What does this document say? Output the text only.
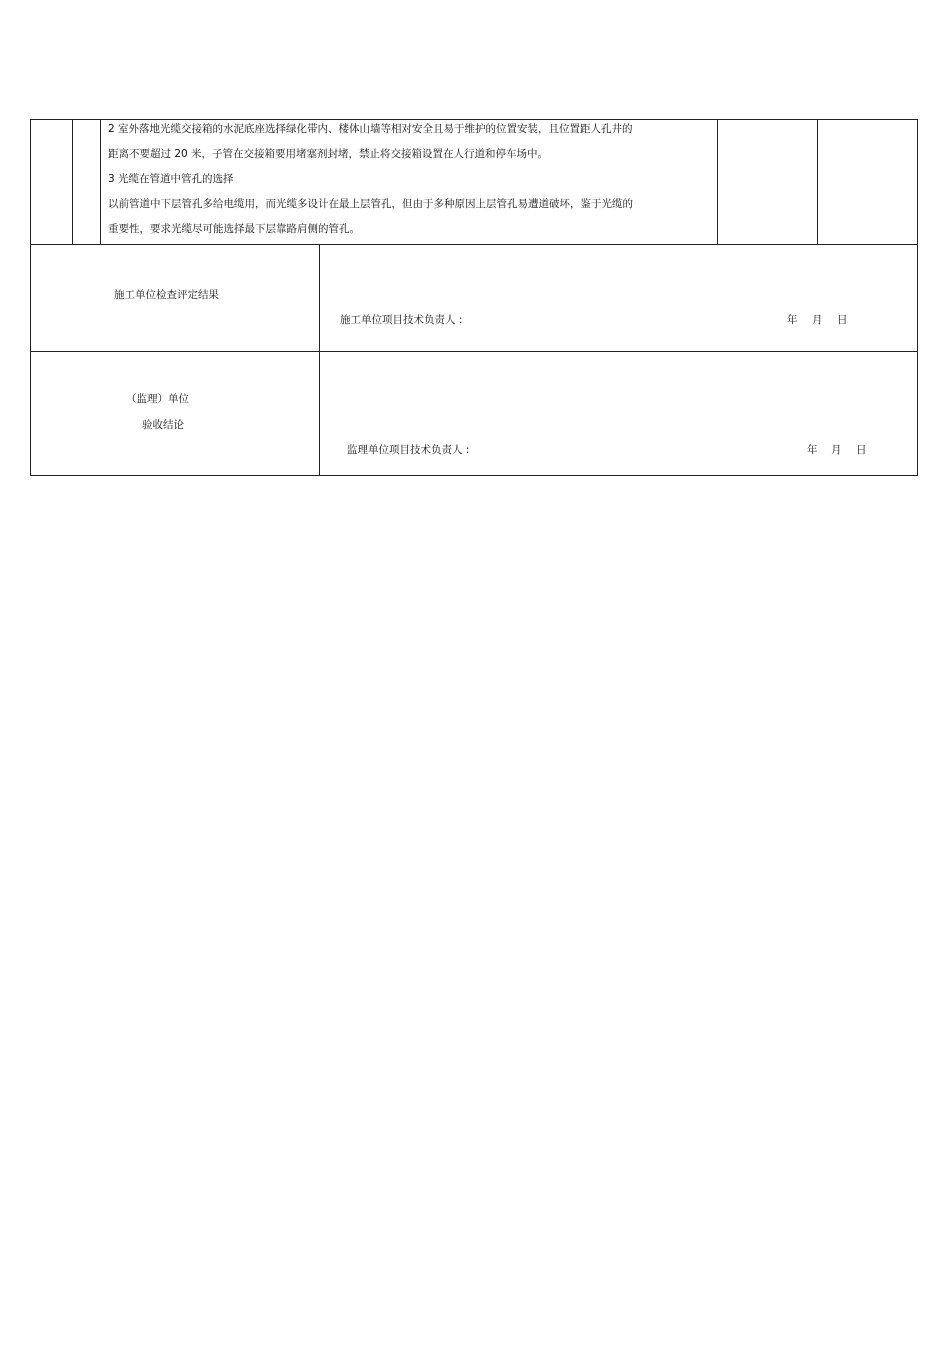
2 室外落地光缆交接箱的水泥底座选择绿化带内、楼体山墙等相对安全且易于维护的位置安装，且位置距人孔井的
距离不要超过 20 米，子管在交接箱要用堵塞剂封堵，禁止将交接箱设置在人行道和停车场中。
3 光缆在管道中管孔的选择
以前管道中下层管孔多给电缆用，而光缆多设计在最上层管孔，但由于多种原因上层管孔易遭道破坏，鉴于光缆的
重要性，要求光缆尽可能选择最下层靠路肩侧的管孔。
施工单位检查评定结果
施工单位项目技术负责人 :	年 月 日
（监理）单位
验收结论
监理单位项目技术负责人 :	年 月 日
